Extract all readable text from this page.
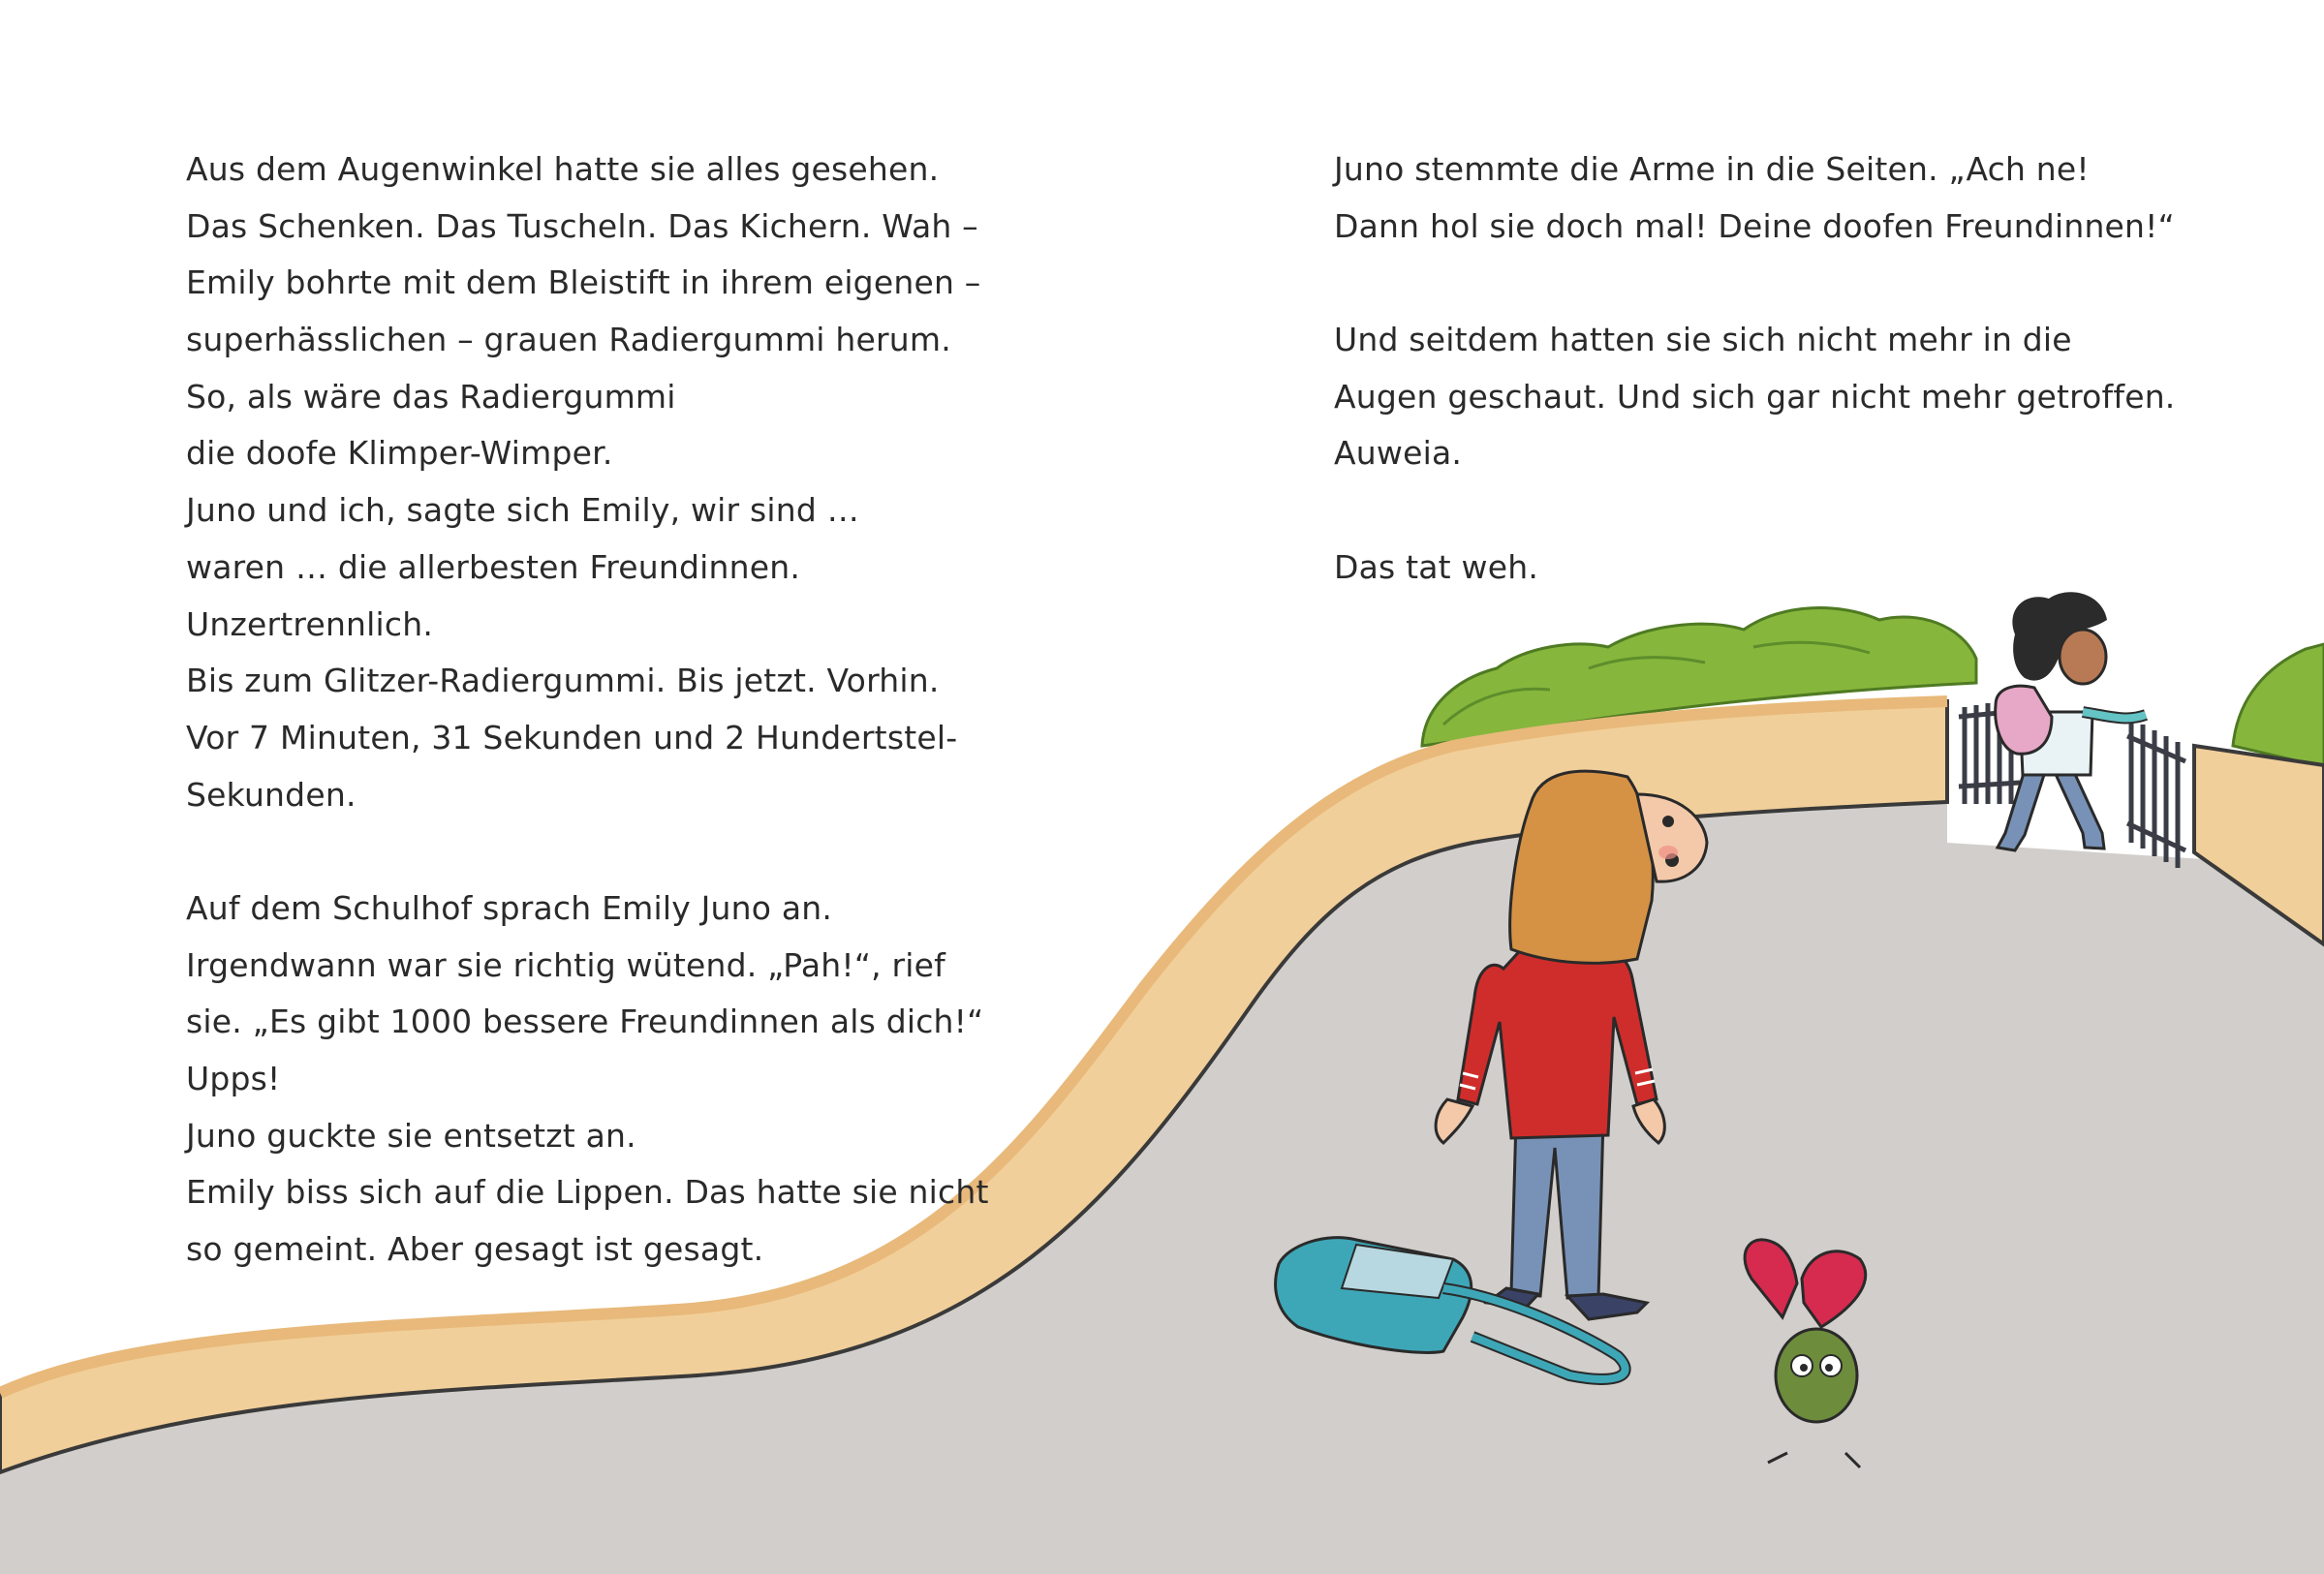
Aus dem Augenwinkel hatte sie alles gesehen.
Das Schenken. Das Tuscheln. Das Kichern. Wah –
Emily bohrte mit dem Bleistift in ihrem eigenen –
superhässlichen – grauen Radiergummi herum.
So, als wäre das Radiergummi
die doofe Klimper-Wimper.
Juno und ich, sagte sich Emily, wir sind …
waren … die allerbesten Freundinnen.
Unzertrennlich.
Bis zum Glitzer-Radiergummi. Bis jetzt. Vorhin.
Vor 7 Minuten, 31 Sekunden und 2 Hundertstel-
Sekunden.
Auf dem Schulhof sprach Emily Juno an.
Irgendwann war sie richtig wütend. „Pah!“, rief
sie. „Es gibt 1000 bessere Freundinnen als dich!“
Upps!
Juno guckte sie entsetzt an.
Emily biss sich auf die Lippen. Das hatte sie nicht
so gemeint. Aber gesagt ist gesagt.
Juno stemmte die Arme in die Seiten. „Ach ne!
Dann hol sie doch mal! Deine doofen Freundinnen!“
Und seitdem hatten sie sich nicht mehr in die
Augen geschaut. Und sich gar nicht mehr getroffen.
Auweia.
Das tat weh.
